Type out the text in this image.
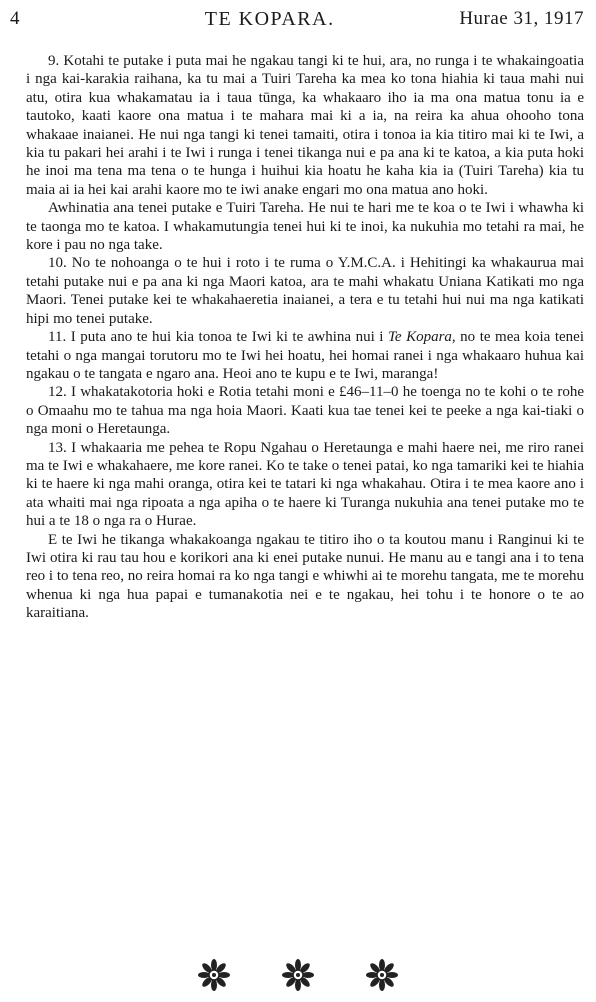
4	TE KOPARA.	Hurae 31, 1917

9. Kotahi te putake i puta mai he ngakau tangi ki te hui, ara, no runga i te whakaingoatia i nga kai-karakia raihana, ka tu mai a Tuiri Tareha ka mea ko tona hiahia ki taua mahi nui atu, otira kua whakamatau ia i taua tūnga, ka whakaaro iho ia ma ona matua tonu ia e tautoko, kaati kaore ona matua i te mahara mai ki a ia, na reira ka ahua ohooho tona whakaae inaianei. He nui nga tangi ki tenei tamaiti, otira i tonoa ia kia titiro mai ki te Iwi, a kia tu pakari hei arahi i te Iwi i runga i tenei tikanga nui e pa ana ki te katoa, a kia puta hoki he inoi ma tena ma tena o te hunga i huihui kia hoatu he kaha kia ia (Tuiri Tareha) kia tu maia ai ia hei kai arahi kaore mo te iwi anake engari mo ona matua ano hoki.

Awhinatia ana tenei putake e Tuiri Tareha. He nui te hari me te koa o te Iwi i whawha ki te taonga mo te katoa. I whakamutungia tenei hui ki te inoi, ka nukuhia mo tetahi ra mai, he kore i pau no nga take.

10. No te nohoanga o te hui i roto i te ruma o Y.M.C.A. i Hehitingi ka whakaurua mai tetahi putake nui e pa ana ki nga Maori katoa, ara te mahi whakatu Uniana Katikati mo nga Maori. Tenei putake kei te whakahaeretia inaianei, a tera e tu tetahi hui nui ma nga katikati hipi mo tenei putake.

11. I puta ano te hui kia tonoa te Iwi ki te awhina nui i Te Kopara, no te mea koia tenei tetahi o nga mangai torutoru mo te Iwi hei hoatu, hei homai ranei i nga whakaaro huhua kai ngakau o te tangata e ngaro ana. Heoi ano te kupu e te Iwi, maranga!

12. I whakatakotoria hoki e Rotia tetahi moni e £46–11–0 he toenga no te kohi o te rohe o Omaahu mo te tahua ma nga hoia Maori. Kaati kua tae tenei kei te peeke a nga kai-tiaki o nga moni o Heretaunga.

13. I whakaaria me pehea te Ropu Ngahau o Heretaunga e mahi haere nei, me riro ranei ma te Iwi e whakahaere, me kore ranei. Ko te take o tenei patai, ko nga tamariki kei te hiahia ki te haere ki nga mahi oranga, otira kei te tatari ki nga whakahau. Otira i te mea kaore ano i ata whaiti mai nga ripoata a nga apiha o te haere ki Turanga nukuhia ana tenei putake mo te hui a te 18 o nga ra o Hurae.

E te Iwi he tikanga whakakoanga ngakau te titiro iho o ta koutou manu i Ranginui ki te Iwi otira ki rau tau hou e korikori ana ki enei putake nunui. He manu au e tangi ana i to tena reo i to tena reo, no reira homai ra ko nga tangi e whiwhi ai te morehu tangata, me te morehu whenua ki nga hua papai e tumanakotia nei e te ngakau, hei tohu i te honore o te ao karaitiana.
